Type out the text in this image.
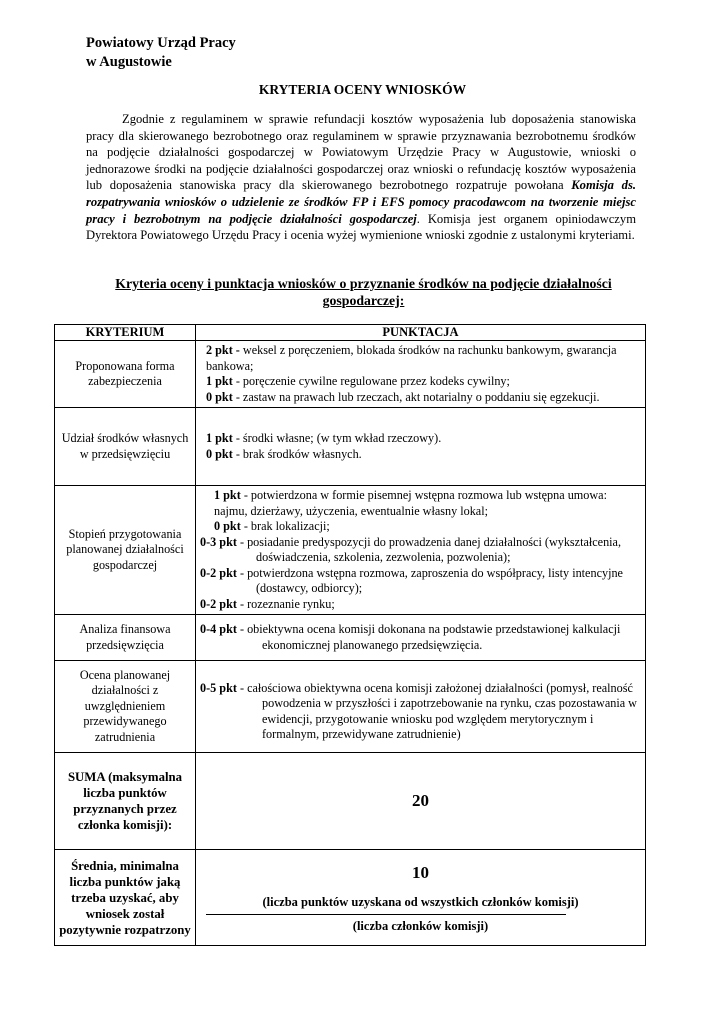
Powiatowy Urząd Pracy
w Augustowie
KRYTERIA OCENY WNIOSKÓW

Zgodnie z regulaminem w sprawie refundacji kosztów wyposażenia lub doposażenia stanowiska pracy dla skierowanego bezrobotnego oraz regulaminem w sprawie przyznawania bezrobotnemu środków na podjęcie działalności gospodarczej w Powiatowym Urzędzie Pracy w Augustowie, wnioski o jednorazowe środki na podjęcie działalności gospodarczej oraz wnioski o refundację kosztów wyposażenia lub doposażenia stanowiska pracy dla skierowanego bezrobotnego rozpatruje powołana Komisja ds. rozpatrywania wniosków o udzielenie ze środków FP i EFS pomocy pracodawcom na tworzenie miejsc pracy i bezrobotnym na podjęcie działalności gospodarczej. Komisja jest organem opiniodawczym Dyrektora Powiatowego Urzędu Pracy i ocenia wyżej wymienione wnioski zgodnie z ustalonymi kryteriami.

Kryteria oceny i punktacja wniosków o przyznanie środków na podjęcie działalności gospodarczej:
KRYTERIUM	PUNKTACJA
Proponowana forma zabezpieczenia	2 pkt - weksel z poręczeniem, blokada środków na rachunku bankowym, gwarancja bankowa;
1 pkt - poręczenie cywilne regulowane przez kodeks cywilny;
0 pkt - zastaw na prawach lub rzeczach, akt notarialny o poddaniu się egzekucji.

Udział środków własnych w przedsięwzięciu	1 pkt - środki własne; (w tym wkład rzeczowy).
0 pkt - brak środków własnych.

Stopień przygotowania planowanej działalności gospodarczej	1 pkt - potwierdzona w formie pisemnej wstępna rozmowa lub wstępna umowa: najmu, dzierżawy, użyczenia, ewentualnie własny lokal;
0 pkt - brak lokalizacji;
0-3 pkt - posiadanie predyspozycji do prowadzenia danej działalności (wykształcenia, doświadczenia, szkolenia, zezwolenia, pozwolenia);
0-2 pkt - potwierdzona wstępna rozmowa, zaproszenia do współpracy, listy intencyjne (dostawcy, odbiorcy);
0-2 pkt - rozeznanie rynku;

Analiza finansowa przedsięwzięcia	0-4 pkt - obiektywna ocena komisji dokonana na podstawie przedstawionej kalkulacji ekonomicznej planowanego przedsięwzięcia.

Ocena planowanej działalności z uwzględnieniem przewidywanego zatrudnienia	0-5 pkt - całościowa obiektywna ocena komisji założonej działalności (pomysł, realność powodzenia w przyszłości i zapotrzebowanie na rynku, czas pozostawania w ewidencji, przygotowanie wniosku pod względem merytorycznym i formalnym, przewidywane zatrudnienie)

SUMA (maksymalna liczba punktów przyznanych przez członka komisji):	20
Średnia, minimalna liczba punktów jaką trzeba uzyskać, aby wniosek został pozytywnie rozpatrzony	10
(liczba punktów uzyskana od wszystkich członków komisji)
(liczba członków komisji)
